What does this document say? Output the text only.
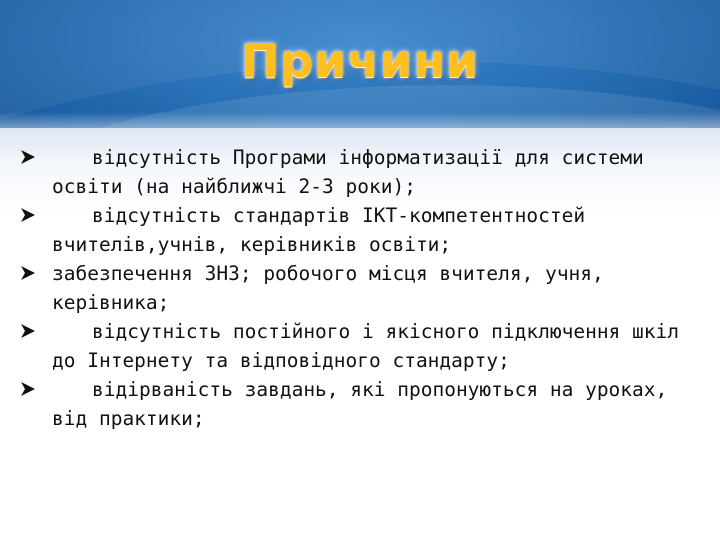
Причини
відсутність Програми інформатизації для системи освіти (на найближчі 2-3 роки);
відсутність стандартів ІКТ-компетентностей вчителів,учнів, керівників освіти;
забезпечення ЗНЗ; робочого місця вчителя, учня, керівника;
відсутність постійного і якісного підключення шкіл до Інтернету та відповідного стандарту;
відірваність завдань, які пропонуються на уроках, від практики;
